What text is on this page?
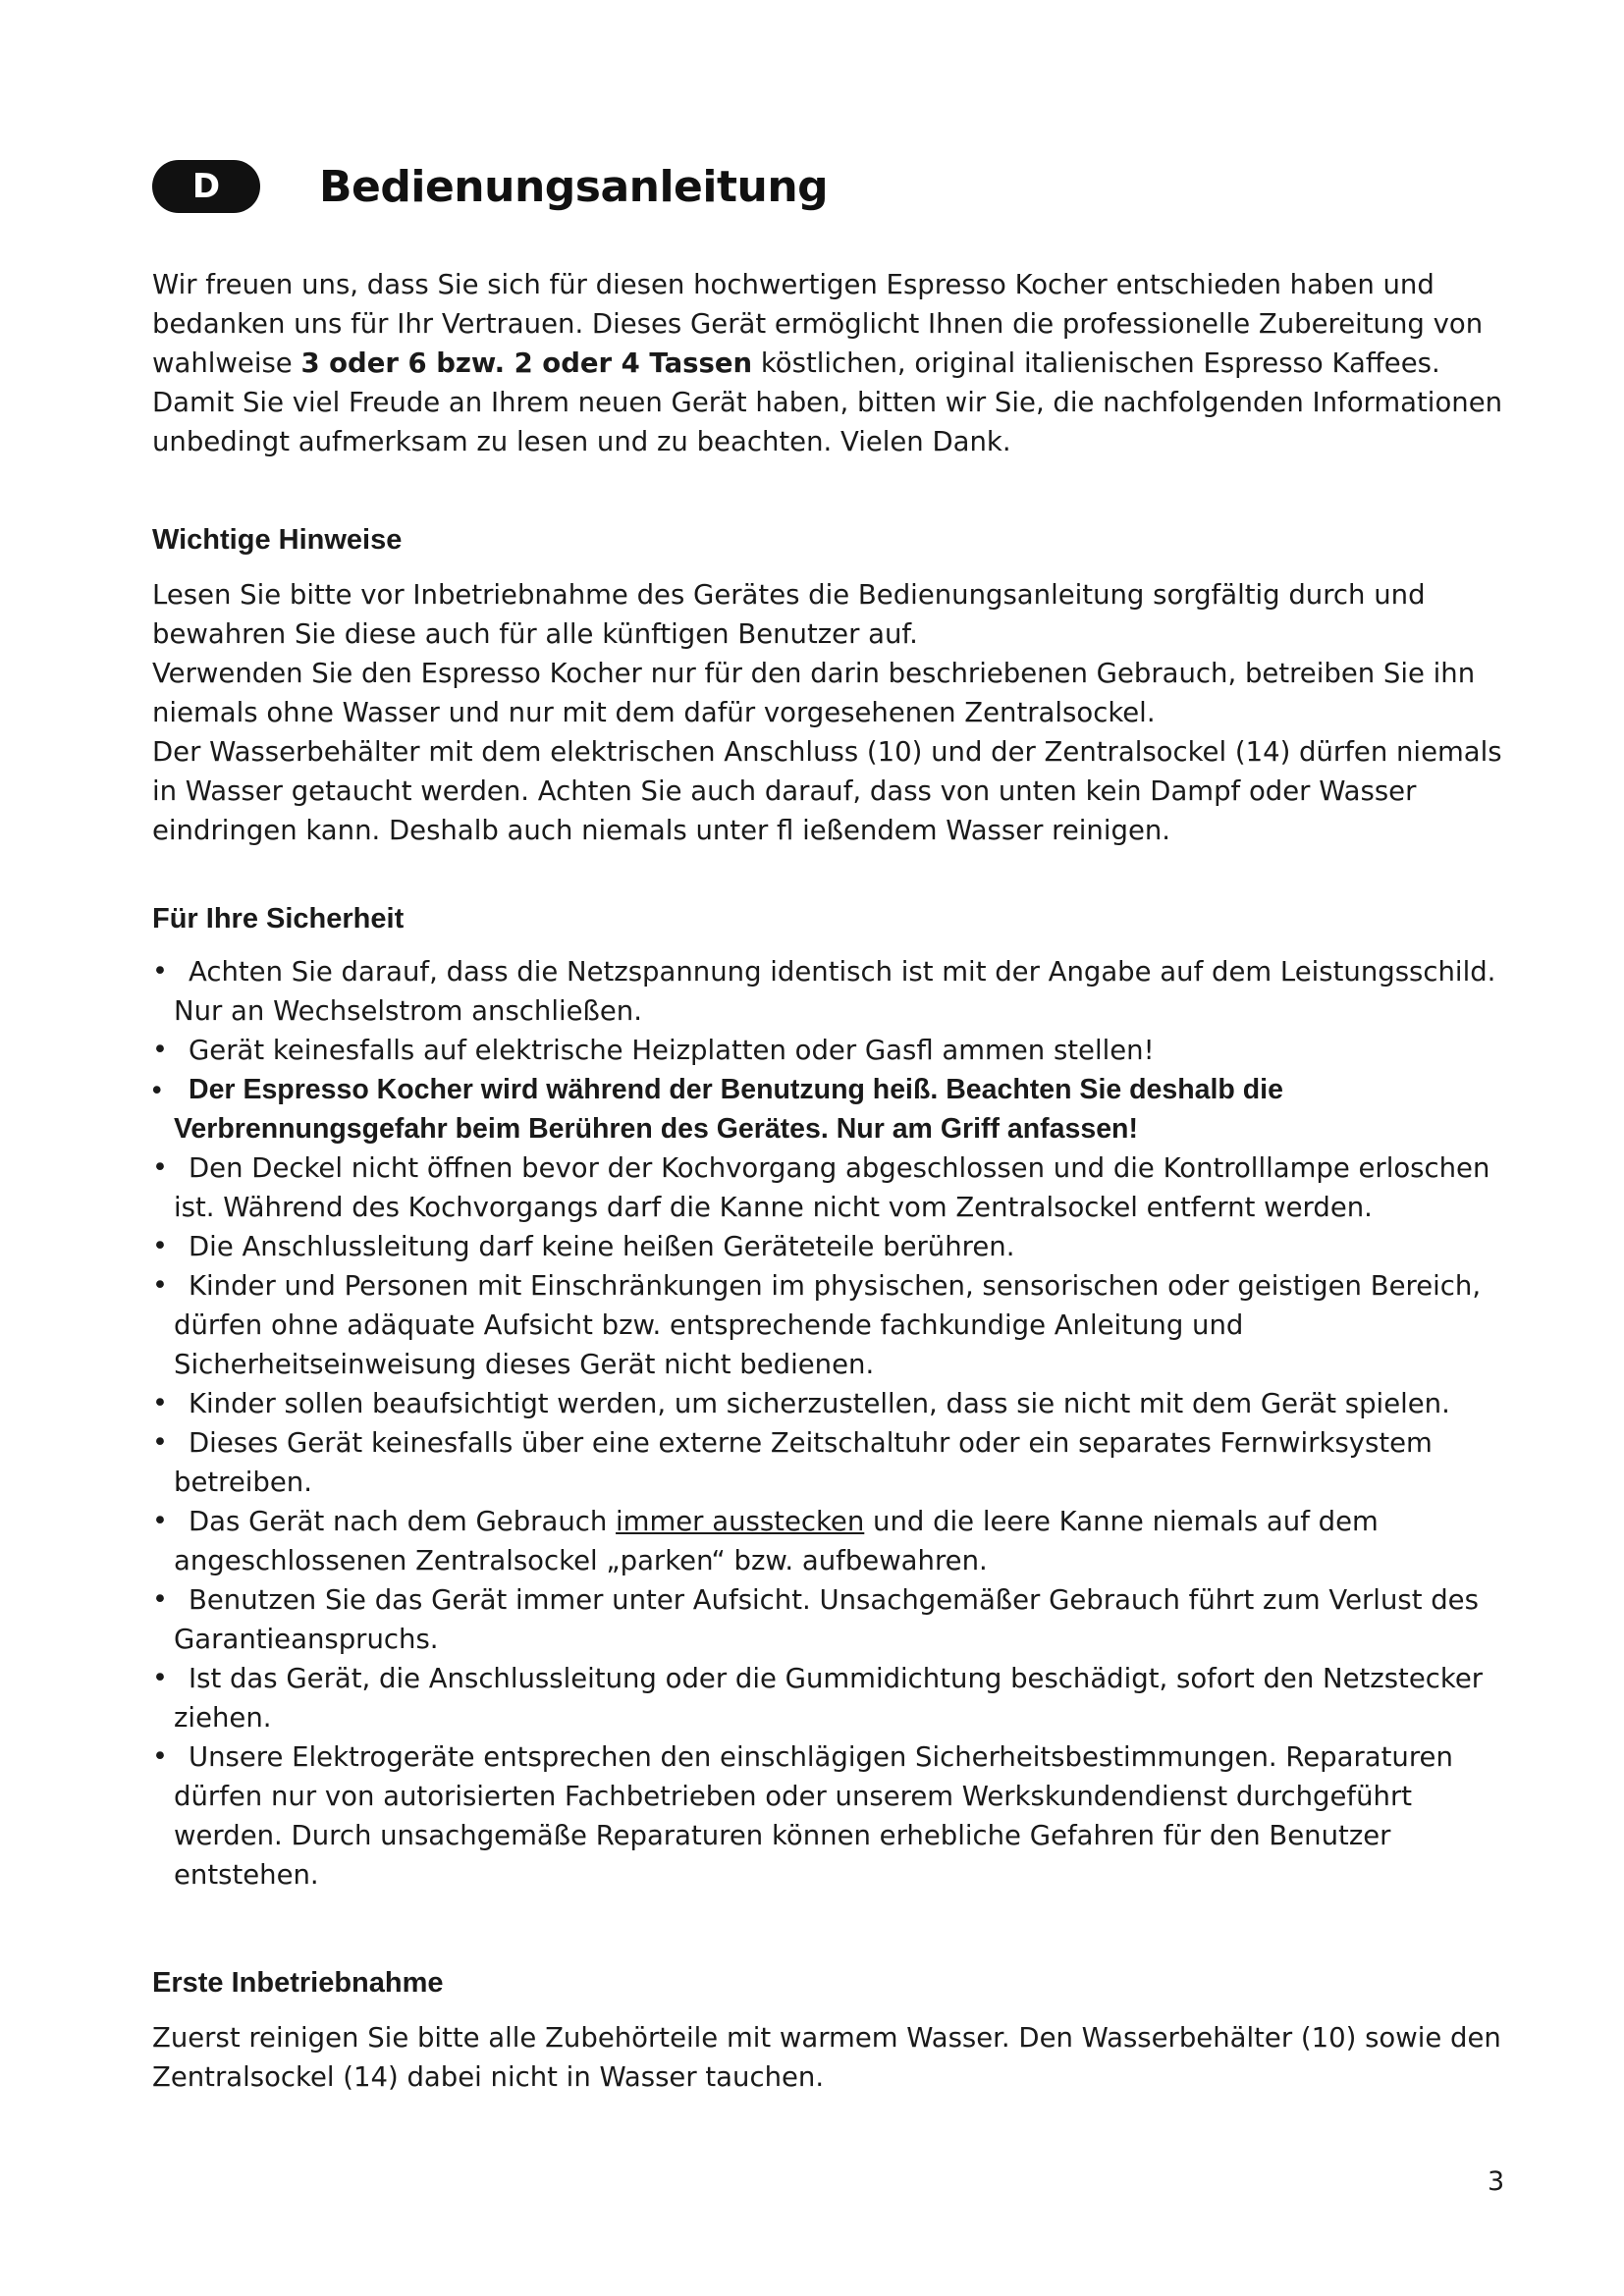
D	Bedienungsanleitung

Wir freuen uns, dass Sie sich für diesen hochwertigen Espresso Kocher entschieden haben und bedanken uns für Ihr Vertrauen. Dieses Gerät ermöglicht Ihnen die professionelle Zubereitung von wahlweise 3 oder 6 bzw. 2 oder 4 Tassen köstlichen, original italienischen Espresso Kaffees.

Damit Sie viel Freude an Ihrem neuen Gerät haben, bitten wir Sie, die nachfolgenden Informationen unbedingt aufmerksam zu lesen und zu beachten. Vielen Dank.

Wichtige Hinweise

Lesen Sie bitte vor Inbetriebnahme des Gerätes die Bedienungsanleitung sorgfältig durch und bewahren Sie diese auch für alle künftigen Benutzer auf.

Verwenden Sie den Espresso Kocher nur für den darin beschriebenen Gebrauch, betreiben Sie ihn niemals ohne Wasser und nur mit dem dafür vorgesehenen Zentralsockel.

Der Wasserbehälter mit dem elektrischen Anschluss (10) und der Zentralsockel (14) dürfen niemals in Wasser getaucht werden. Achten Sie auch darauf, dass von unten kein Dampf oder Wasser eindringen kann. Deshalb auch niemals unter fl ießendem Wasser reinigen.

Für Ihre Sicherheit
• Achten Sie darauf, dass die Netzspannung identisch ist mit der Angabe auf dem Leistungsschild. Nur an Wechselstrom anschließen.
• Gerät keinesfalls auf elektrische Heizplatten oder Gasfl ammen stellen!
• Der Espresso Kocher wird während der Benutzung heiß. Beachten Sie deshalb die Verbrennungsgefahr beim Berühren des Gerätes. Nur am Griff anfassen!
• Den Deckel nicht öffnen bevor der Kochvorgang abgeschlossen und die Kontrolllampe erloschen ist. Während des Kochvorgangs darf die Kanne nicht vom Zentralsockel entfernt werden.
• Die Anschlussleitung darf keine heißen Geräteteile berühren.
• Kinder und Personen mit Einschränkungen im physischen, sensorischen oder geistigen Bereich, dürfen ohne adäquate Aufsicht bzw. entsprechende fachkundige Anleitung und Sicherheitseinweisung dieses Gerät nicht bedienen.
• Kinder sollen beaufsichtigt werden, um sicherzustellen, dass sie nicht mit dem Gerät spielen.
• Dieses Gerät keinesfalls über eine externe Zeitschaltuhr oder ein separates Fernwirksystem betreiben.
• Das Gerät nach dem Gebrauch immer ausstecken und die leere Kanne niemals auf dem angeschlossenen Zentralsockel „parken“ bzw. aufbewahren.
• Benutzen Sie das Gerät immer unter Aufsicht. Unsachgemäßer Gebrauch führt zum Verlust des Garantieanspruchs.
• Ist das Gerät, die Anschlussleitung oder die Gummidichtung beschädigt, sofort den Netzstecker ziehen.
• Unsere Elektrogeräte entsprechen den einschlägigen Sicherheitsbestimmungen. Reparaturen dürfen nur von autorisierten Fachbetrieben oder unserem Werkskundendienst durchgeführt werden. Durch unsachgemäße Reparaturen können erhebliche Gefahren für den Benutzer entstehen.
Erste Inbetriebnahme

Zuerst reinigen Sie bitte alle Zubehörteile mit warmem Wasser. Den Wasserbehälter (10) sowie den Zentralsockel (14) dabei nicht in Wasser tauchen.

3
